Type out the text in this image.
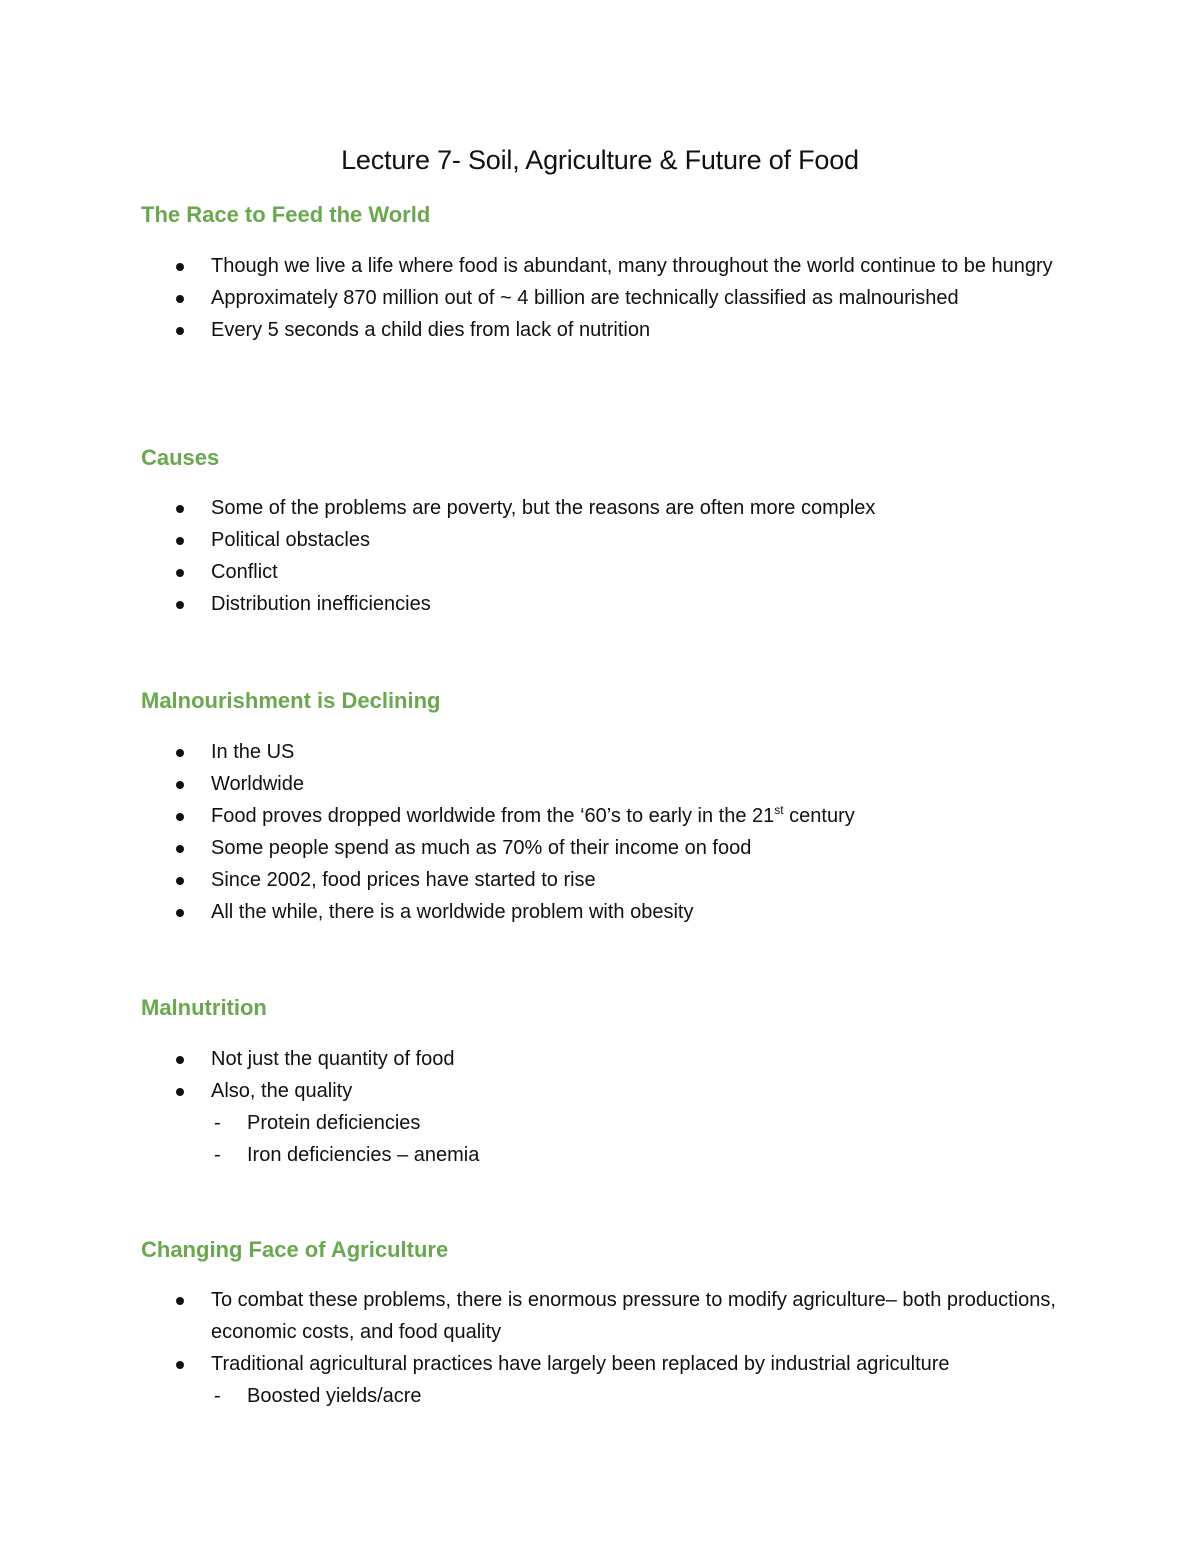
Lecture 7- Soil, Agriculture & Future of Food
The Race to Feed the World
Though we live a life where food is abundant, many throughout the world continue to be hungry
Approximately 870 million out of ~ 4 billion are technically classified as malnourished
Every 5 seconds a child dies from lack of nutrition
Causes
Some of the problems are poverty, but the reasons are often more complex
Political obstacles
Conflict
Distribution inefficiencies
Malnourishment is Declining
In the US
Worldwide
Food proves dropped worldwide from the ‘60’s to early in the 21st century
Some people spend as much as 70% of their income on food
Since 2002, food prices have started to rise
All the while, there is a worldwide problem with obesity
Malnutrition
Not just the quantity of food
Also, the quality
- Protein deficiencies
- Iron deficiencies – anemia
Changing Face of Agriculture
To combat these problems, there is enormous pressure to modify agriculture– both productions, economic costs, and food quality
Traditional agricultural practices have largely been replaced by industrial agriculture
- Boosted yields/acre
